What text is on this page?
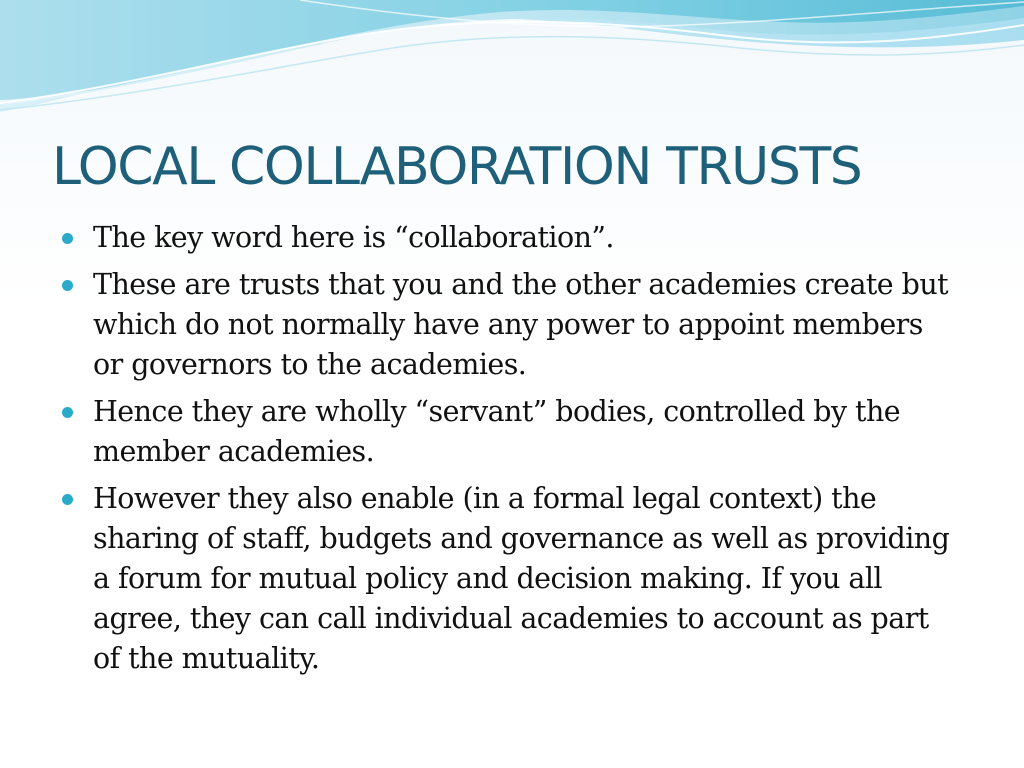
LOCAL COLLABORATION TRUSTS
The key word here is “collaboration”.
These are trusts that you and the other academies create but which do not normally have any power to appoint members or governors to the academies.
Hence they are wholly “servant” bodies, controlled by the member academies.
However they also enable (in a formal legal context) the sharing of staff, budgets and governance as well as providing a forum for mutual policy and decision making. If you all agree, they can call individual academies to account as part of the mutuality.
